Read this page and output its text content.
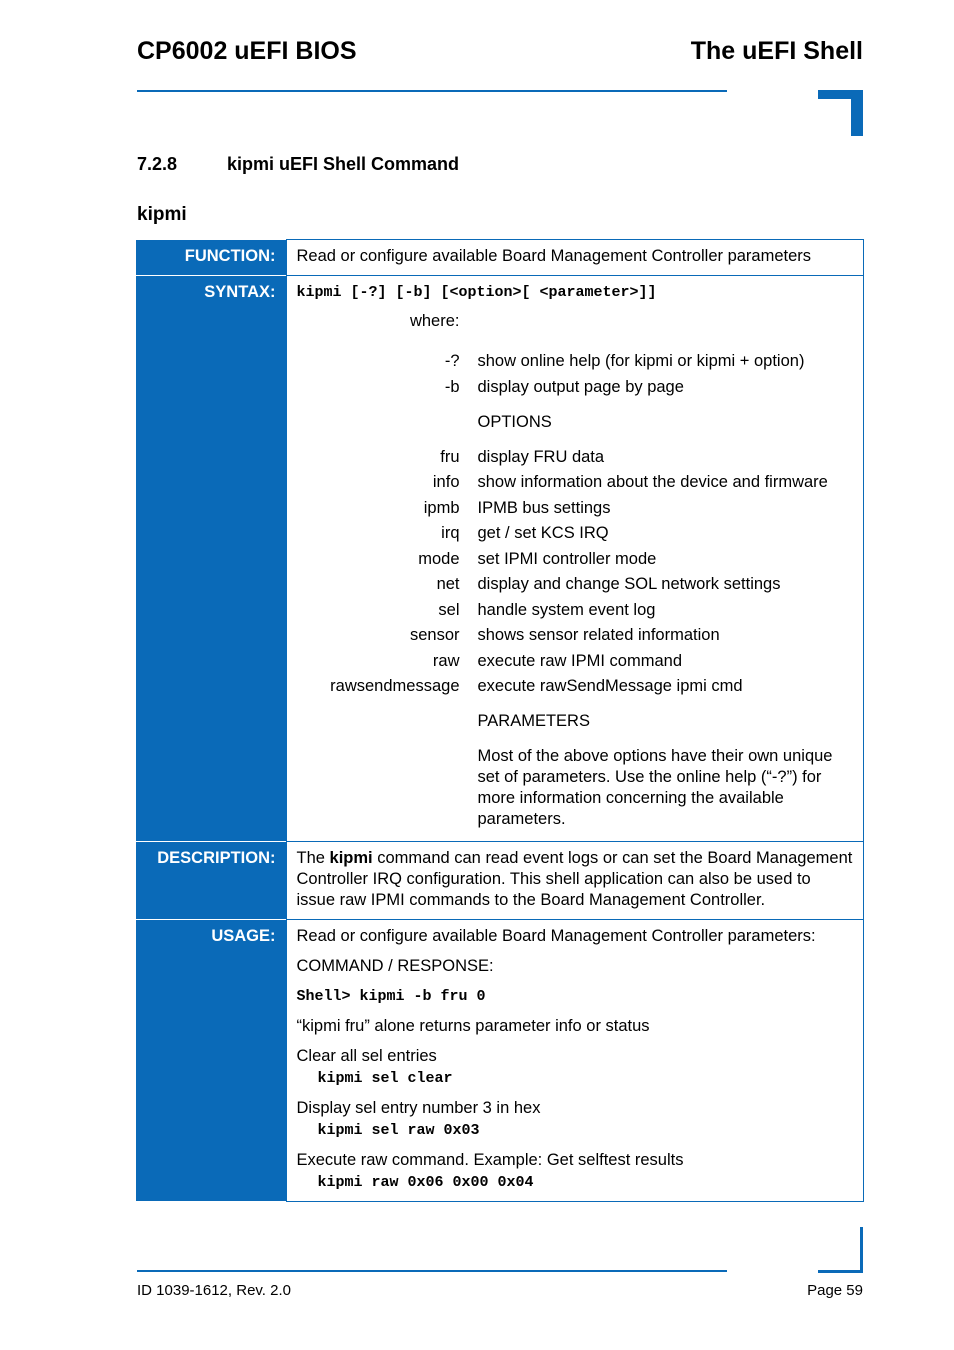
CP6002 uEFI BIOS	The uEFI Shell
7.2.8	kipmi uEFI Shell Command
kipmi
FUNCTION:	Read or configure available Board Management Controller parameters
SYNTAX:	kipmi [-?] [-b] [<option>[ <parameter>]]
where:	

-?	show online help (for kipmi or kipmi + option)
-b	display output page by page

	OPTIONS

fru	display FRU data
info	show information about the device and firmware
ipmb	IPMB bus settings
irq	get / set KCS IRQ
mode	set IPMI controller mode
net	display and change SOL network settings
sel	handle system event log
sensor	shows sensor related information
raw	execute raw IPMI command
rawsendmessage	execute rawSendMessage ipmi cmd

	PARAMETERS

	Most of the above options have their own unique set of parameters. Use the online help (“-?”) for more information concerning the available parameters.

DESCRIPTION:	The kipmi command can read event logs or can set the Board Management Controller IRQ configuration. This shell application can also be used to issue raw IPMI commands to the Board Management Controller.
USAGE:	Read or configure available Board Management Controller parameters:

COMMAND / RESPONSE:

Shell> kipmi -b fru 0

“kipmi fru” alone returns parameter info or status

Clear all sel entries
kipmi sel clear

Display sel entry number 3 in hex
kipmi sel raw 0x03

Execute raw command. Example: Get selftest results
kipmi raw 0x06 0x00 0x04

ID 1039-1612, Rev. 2.0	Page 59
